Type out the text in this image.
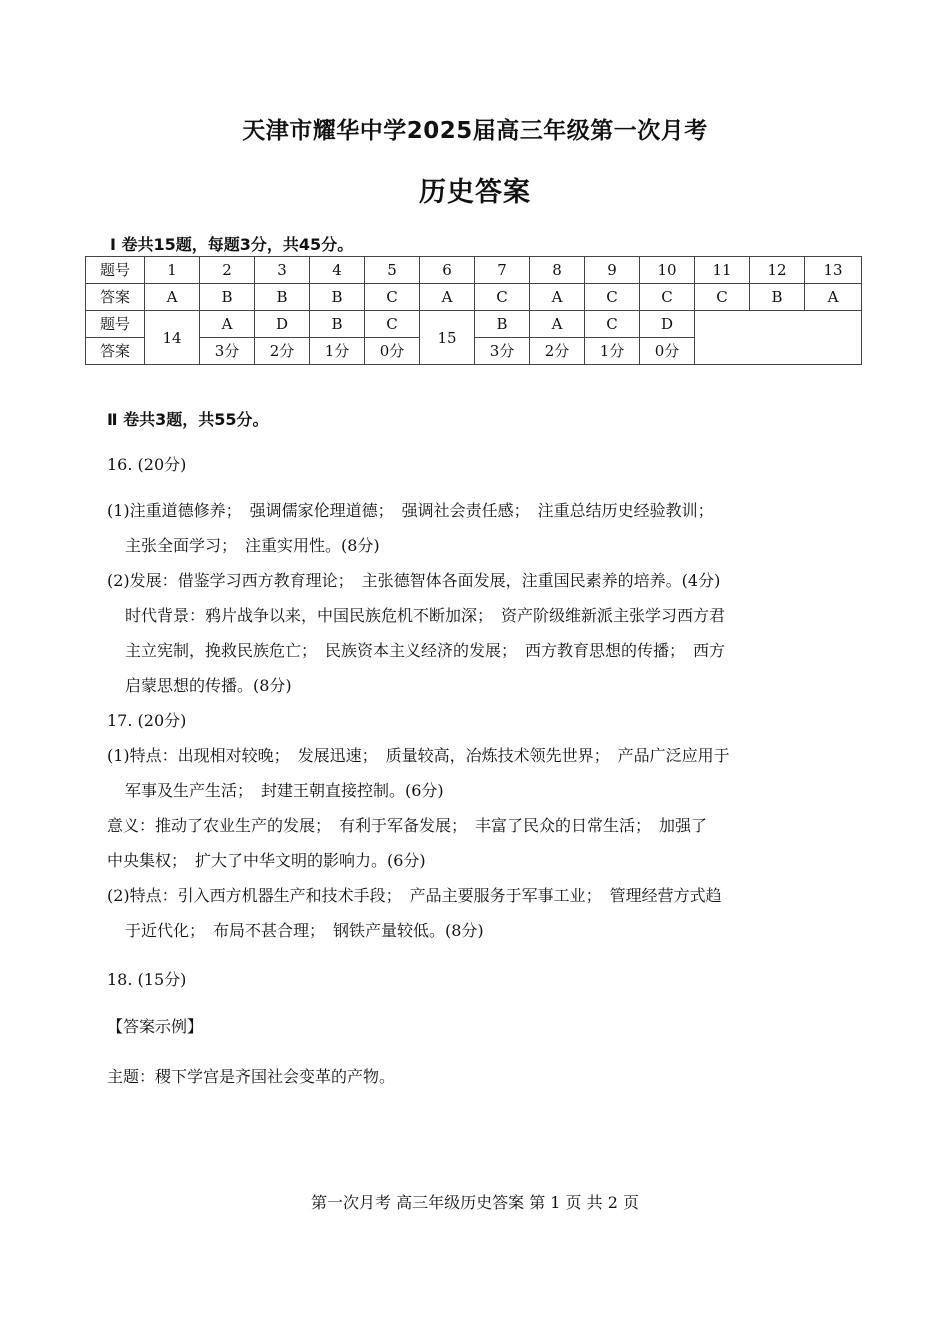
天津市耀华中学2025届高三年级第一次月考
历史答案
Ⅰ 卷共15题，每题3分，共45分。
题号	1	2	3	4	5	6	7	8	9	10	11	12	13
答案	A	B	B	B	C	A	C	A	C	C	C	B	A
题号	14	A	D	B	C	15	B	A	C	D			
答案		3分	2分	1分	0分		3分	2分	1分	0分			
Ⅱ 卷共3题，共55分。
16. (20分)
(1)注重道德修养；　强调儒家伦理道德；　强调社会责任感；　注重总结历史经验教训；
主张全面学习；　注重实用性。(8分)
(2)发展：借鉴学习西方教育理论；　主张德智体各面发展，注重国民素养的培养。(4分)
时代背景：鸦片战争以来，中国民族危机不断加深；　资产阶级维新派主张学习西方君
主立宪制，挽救民族危亡；　民族资本主义经济的发展；　西方教育思想的传播；　西方
启蒙思想的传播。(8分)
17. (20分)
(1)特点：出现相对较晚；　发展迅速；　质量较高，冶炼技术领先世界；　产品广泛应用于
军事及生产生活；　封建王朝直接控制。(6分)
意义：推动了农业生产的发展；　有利于军备发展；　丰富了民众的日常生活；　加强了
中央集权；　扩大了中华文明的影响力。(6分)
(2)特点：引入西方机器生产和技术手段；　产品主要服务于军事工业；　管理经营方式趋
于近代化；　布局不甚合理；　钢铁产量较低。(8分)
18. (15分)
【答案示例】
主题：稷下学宫是齐国社会变革的产物。
第一次月考 高三年级历史答案 第 1 页 共 2 页
